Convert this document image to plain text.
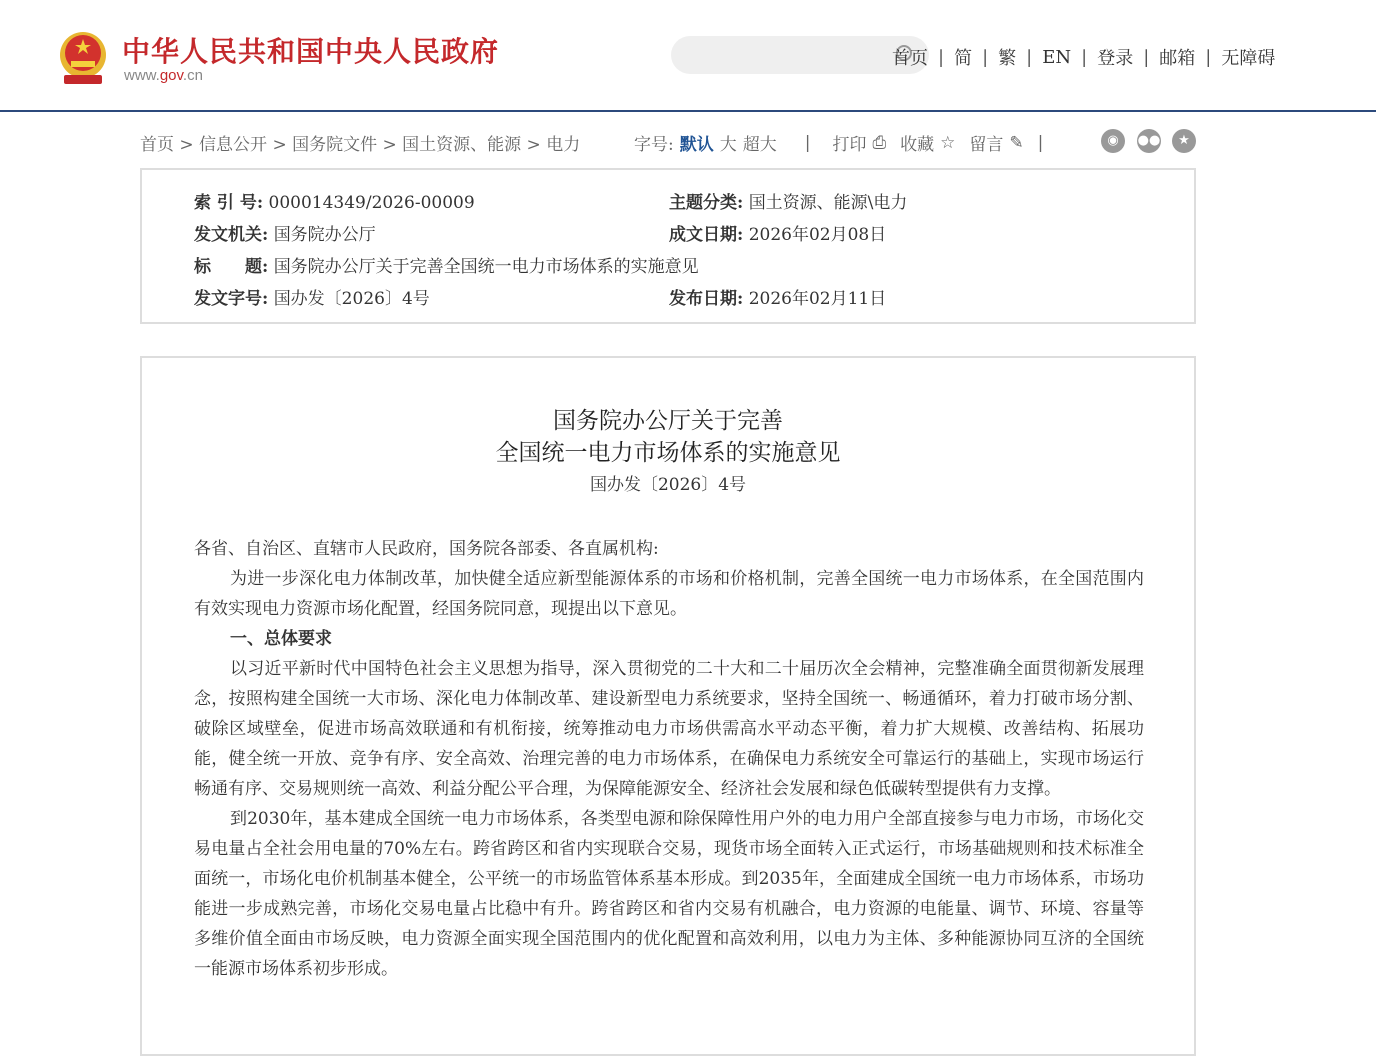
中华人民共和国中央人民政府
www.gov.cn
首页 | 简 | 繁 | EN | 登录 | 邮箱 | 无障碍
首页 > 信息公开 > 国务院文件 > 国土资源、能源 > 电力	字号: 默认 大 超大 | 打印 ⎙ 收藏 ☆ 留言 ✎ |	◉	●●	★
索 引 号: 000014349/2026-00009	主题分类: 国土资源、能源\电力
发文机关: 国务院办公厅	成文日期: 2026年02月08日
标　　题: 国务院办公厅关于完善全国统一电力市场体系的实施意见
发文字号: 国办发〔2026〕4号	发布日期: 2026年02月11日
国务院办公厅关于完善
全国统一电力市场体系的实施意见
国办发〔2026〕4号

各省、自治区、直辖市人民政府，国务院各部委、各直属机构:

为进一步深化电力体制改革，加快健全适应新型能源体系的市场和价格机制，完善全国统一电力市场体系，在全国范围内有效实现电力资源市场化配置，经国务院同意，现提出以下意见。

一、总体要求

以习近平新时代中国特色社会主义思想为指导，深入贯彻党的二十大和二十届历次全会精神，完整准确全面贯彻新发展理念，按照构建全国统一大市场、深化电力体制改革、建设新型电力系统要求，坚持全国统一、畅通循环，着力打破市场分割、破除区域壁垒，促进市场高效联通和有机衔接，统筹推动电力市场供需高水平动态平衡，着力扩大规模、改善结构、拓展功能，健全统一开放、竞争有序、安全高效、治理完善的电力市场体系，在确保电力系统安全可靠运行的基础上，实现市场运行畅通有序、交易规则统一高效、利益分配公平合理，为保障能源安全、经济社会发展和绿色低碳转型提供有力支撑。

到2030年，基本建成全国统一电力市场体系，各类型电源和除保障性用户外的电力用户全部直接参与电力市场，市场化交易电量占全社会用电量的70%左右。跨省跨区和省内实现联合交易，现货市场全面转入正式运行，市场基础规则和技术标准全面统一，市场化电价机制基本健全，公平统一的市场监管体系基本形成。到2035年，全面建成全国统一电力市场体系，市场功能进一步成熟完善，市场化交易电量占比稳中有升。跨省跨区和省内交易有机融合，电力资源的电能量、调节、环境、容量等多维价值全面由市场反映，电力资源全面实现全国范围内的优化配置和高效利用，以电力为主体、多种能源协同互济的全国统一能源市场体系初步形成。
